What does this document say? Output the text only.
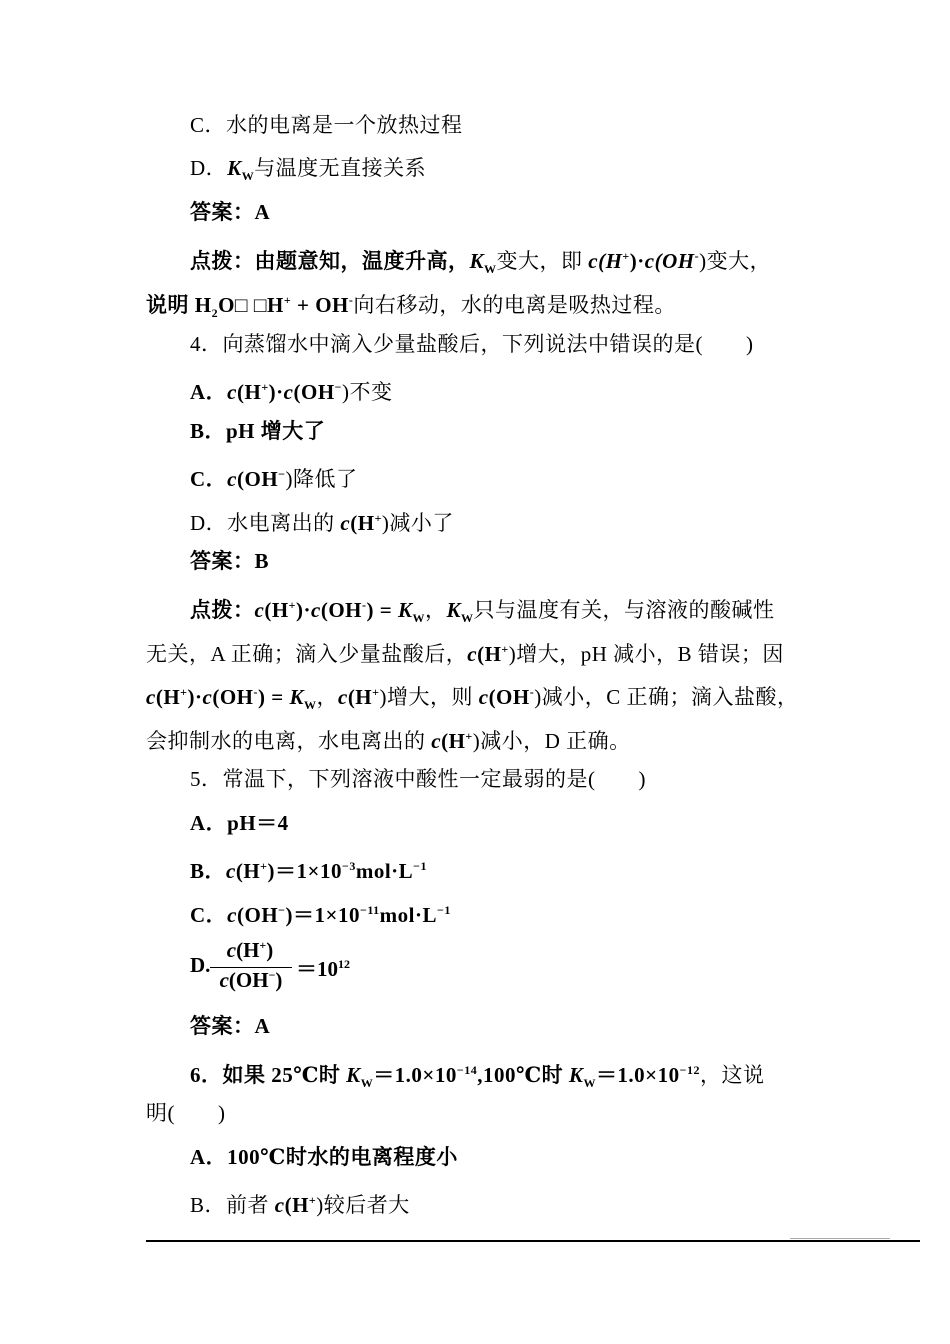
C．水的电离是一个放热过程
D．$K_W$与温度无直接关系
答案：A
点拨：由题意知，温度升高，$K_W$变大，即 c(H+)·c(OH-)变大，
说明 $H_2O□$ □H+ + OH-向右移动，水的电离是吸热过程。
4．向蒸馏水中滴入少量盐酸后，下列说法中错误的是(　　)
A．c(H+)·c(OH−)不变
B．pH 增大了
C．c(OH−)降低了
D．水电离出的 c(H+)减小了
答案：B
点拨：$c(H^+)\cdot c(OH^-) = K_W$，$K_W$只与温度有关，与溶液的酸碱性
无关，A 正确；滴入少量盐酸后，c(H+)增大，pH 减小，B 错误；因
$c(H^+)\cdot c(OH^-) = K_W$，c(H+)增大，则 c(OH-)减小，C 正确；滴入盐酸，
会抑制水的电离，水电离出的 c(H+)减小，D 正确。
5．常温下，下列溶液中酸性一定最弱的是(　　)
A．pH＝4
B．$c(H^+)=1\times 10^{-3}mol\cdot L^{-1}$
C．$c(OH^-)=1\times 10^{-11}mol\cdot L^{-1}$
D.
c(H+)
$c(OH^-) =10^{12}$
答案：A
6．如果 25℃时 $K_W=1.0\times 10^{-14},100℃$时 $K_W=1.0\times 10^{-12}$，这说
明(　　)
A．100℃时水的电离程度小
B．前者 c(H+)较后者大
